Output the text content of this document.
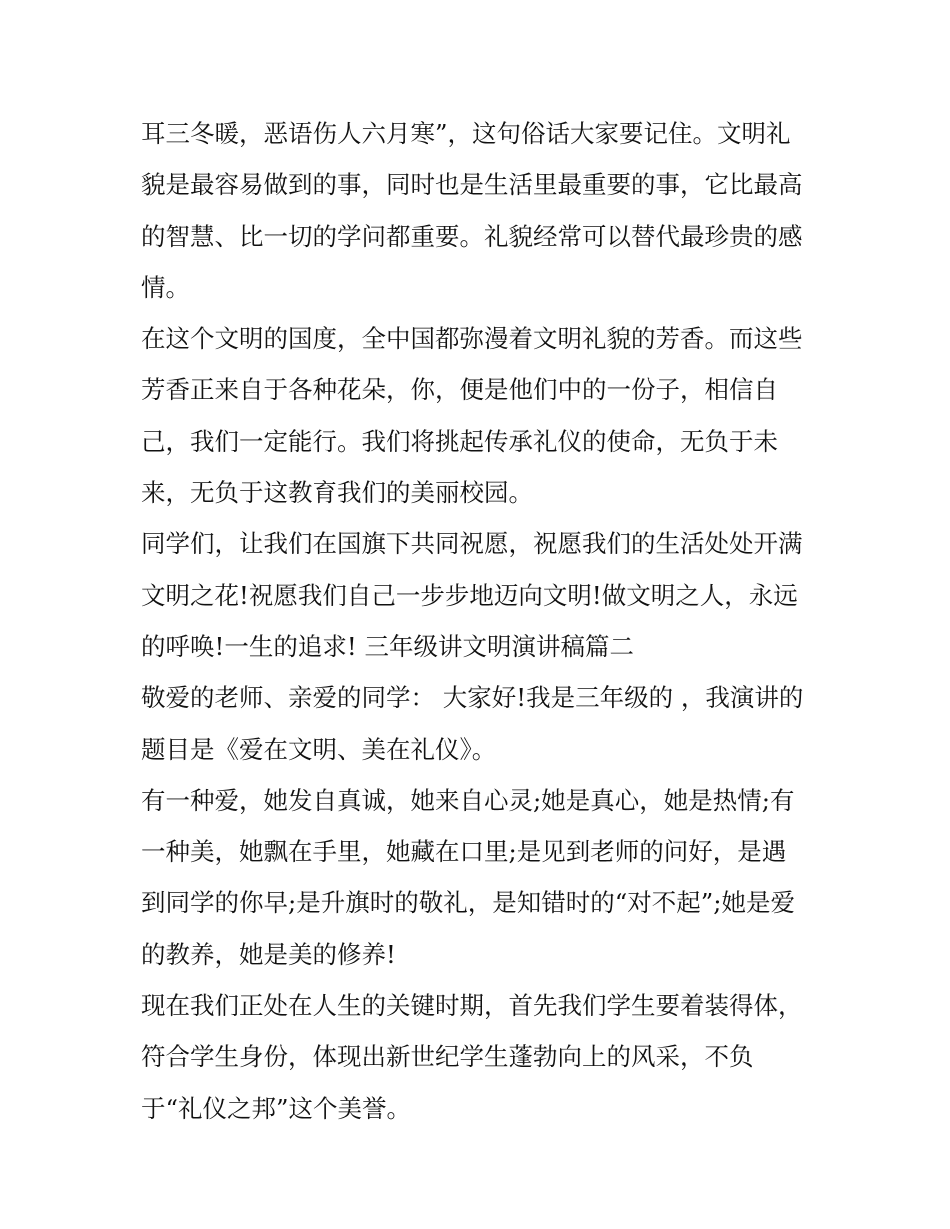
耳三冬暖，恶语伤人六月寒”，这句俗话大家要记住。文明礼
貌是最容易做到的事，同时也是生活里最重要的事，它比最高
的智慧、比一切的学问都重要。礼貌经常可以替代最珍贵的感
情。
在这个文明的国度，全中国都弥漫着文明礼貌的芳香。而这些
芳香正来自于各种花朵，你，便是他们中的一份子，相信自
己，我们一定能行。我们将挑起传承礼仪的使命，无负于未
来，无负于这教育我们的美丽校园。
同学们，让我们在国旗下共同祝愿，祝愿我们的生活处处开满
文明之花!祝愿我们自己一步步地迈向文明!做文明之人，永远
的呼唤!一生的追求! 三年级讲文明演讲稿篇二
敬爱的老师、亲爱的同学： 大家好!我是三年级的 ，我演讲的
题目是《爱在文明、美在礼仪》。
有一种爱，她发自真诚，她来自心灵;她是真心，她是热情;有
一种美，她飘在手里，她藏在口里;是见到老师的问好，是遇
到同学的你早;是升旗时的敬礼，是知错时的“对不起”;她是爱
的教养，她是美的修养!
现在我们正处在人生的关键时期，首先我们学生要着装得体，
符合学生身份，体现出新世纪学生蓬勃向上的风采，不负
于“礼仪之邦”这个美誉。
